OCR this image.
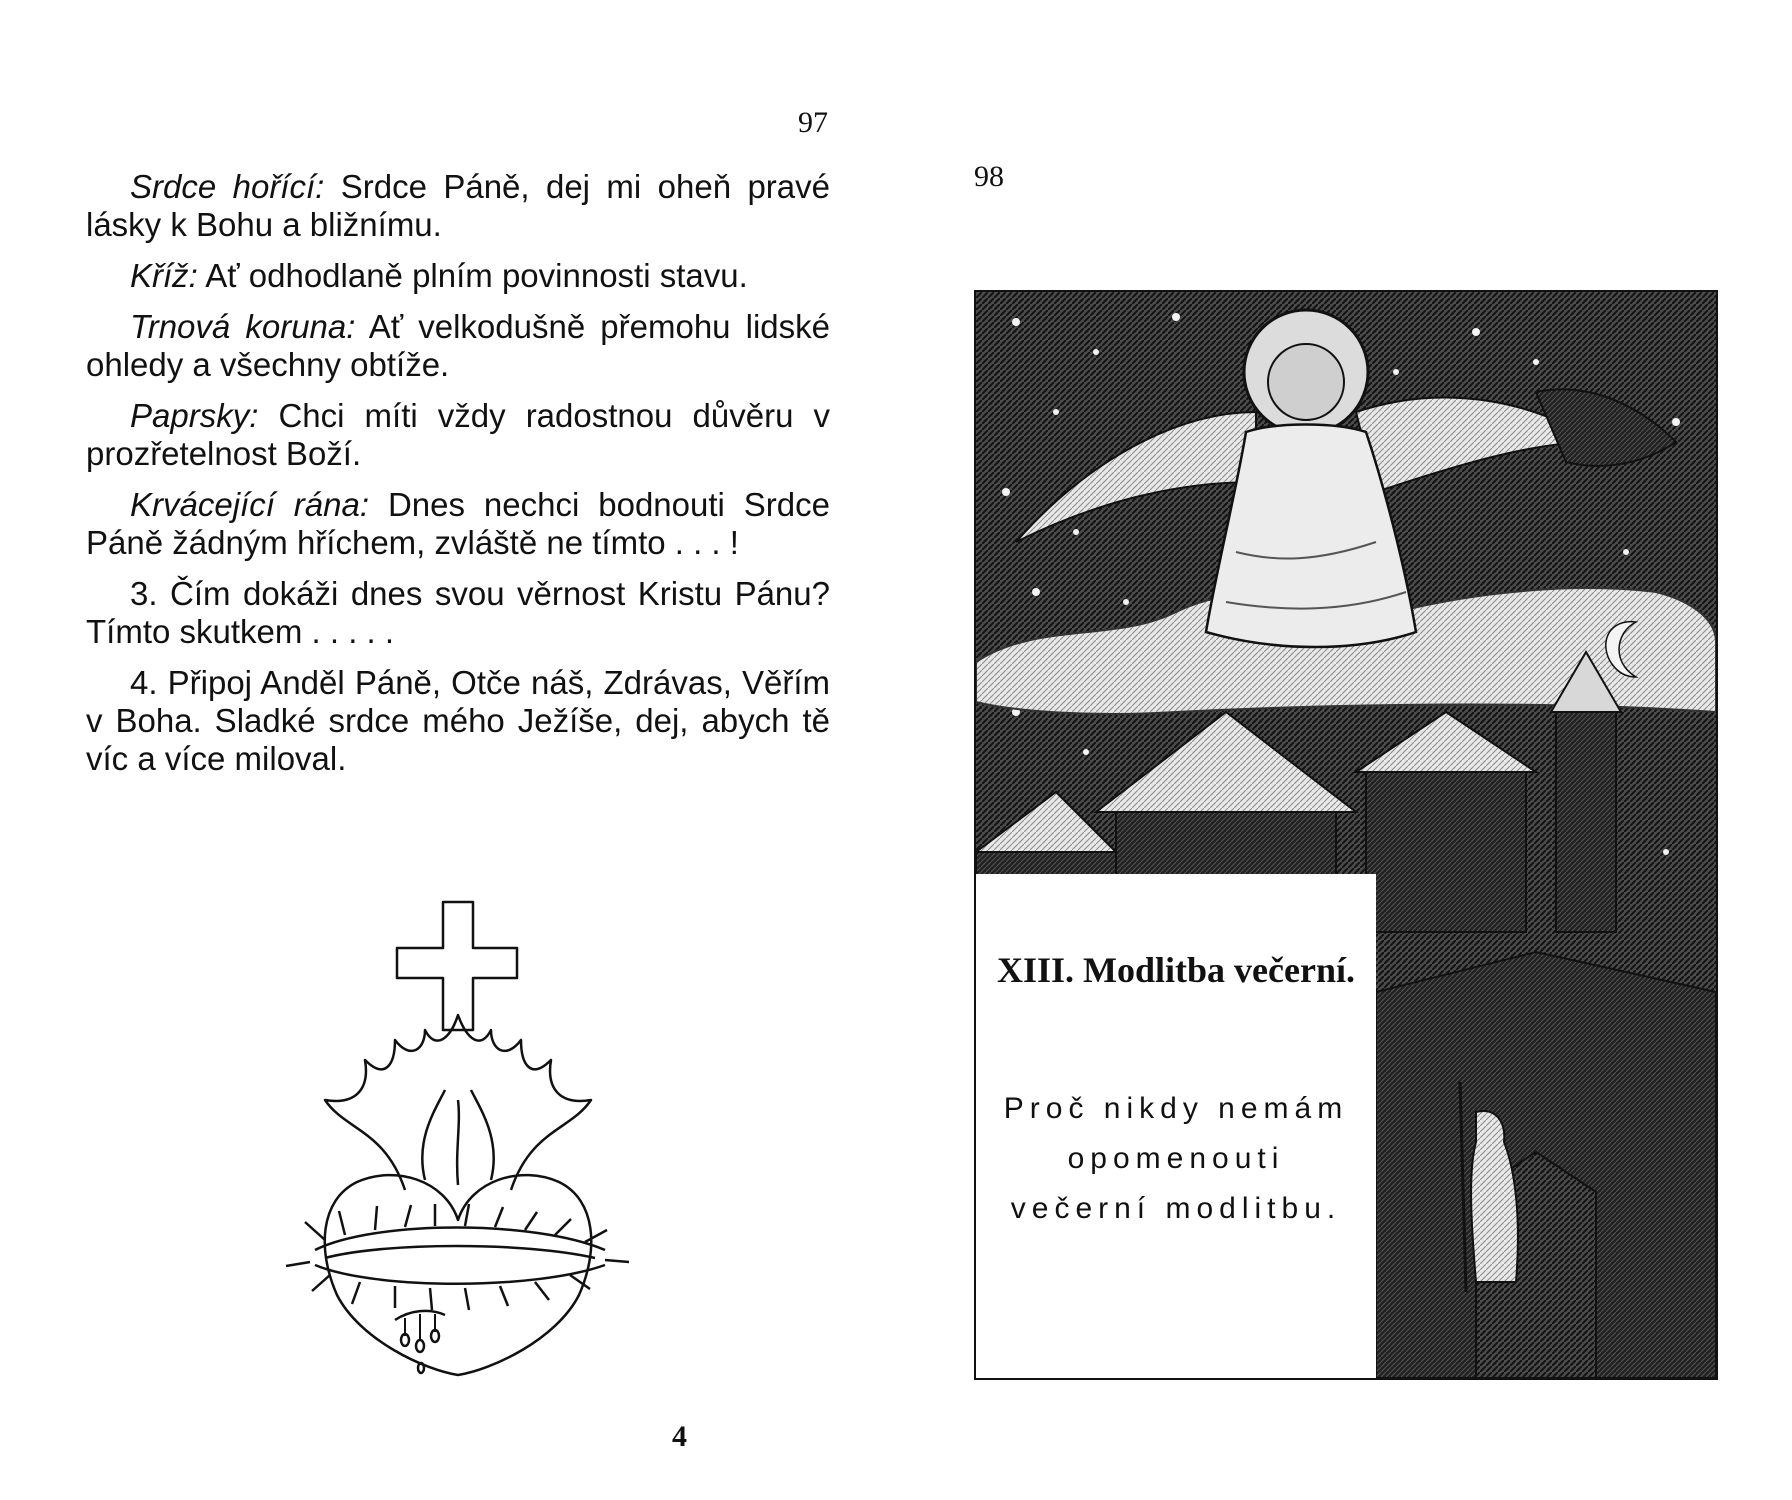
97
98

Srdce hořící: Srdce Páně, dej mi oheň pravé lásky k Bohu a bližnímu.

Kříž: Ať odhodlaně plním povinnosti stavu.

Trnová koruna: Ať velkodušně přemohu lidské ohledy a všechny obtíže.

Paprsky: Chci míti vždy radostnou důvěru v prozřetelnost Boží.

Krvácející rána: Dnes nechci bodnouti Srdce Páně žádným hříchem, zvláště ne tímto . . . !

3. Čím dokáži dnes svou věrnost Kristu Pánu? Tímto skutkem . . . . .

4. Připoj Anděl Páně, Otče náš, Zdrávas, Věřím v Boha. Sladké srdce mého Ježíše, dej, abych tě víc a více miloval.

XIII. Modlitba večerní.
Proč nikdy nemám opomenouti večerní modlitbu.
4
